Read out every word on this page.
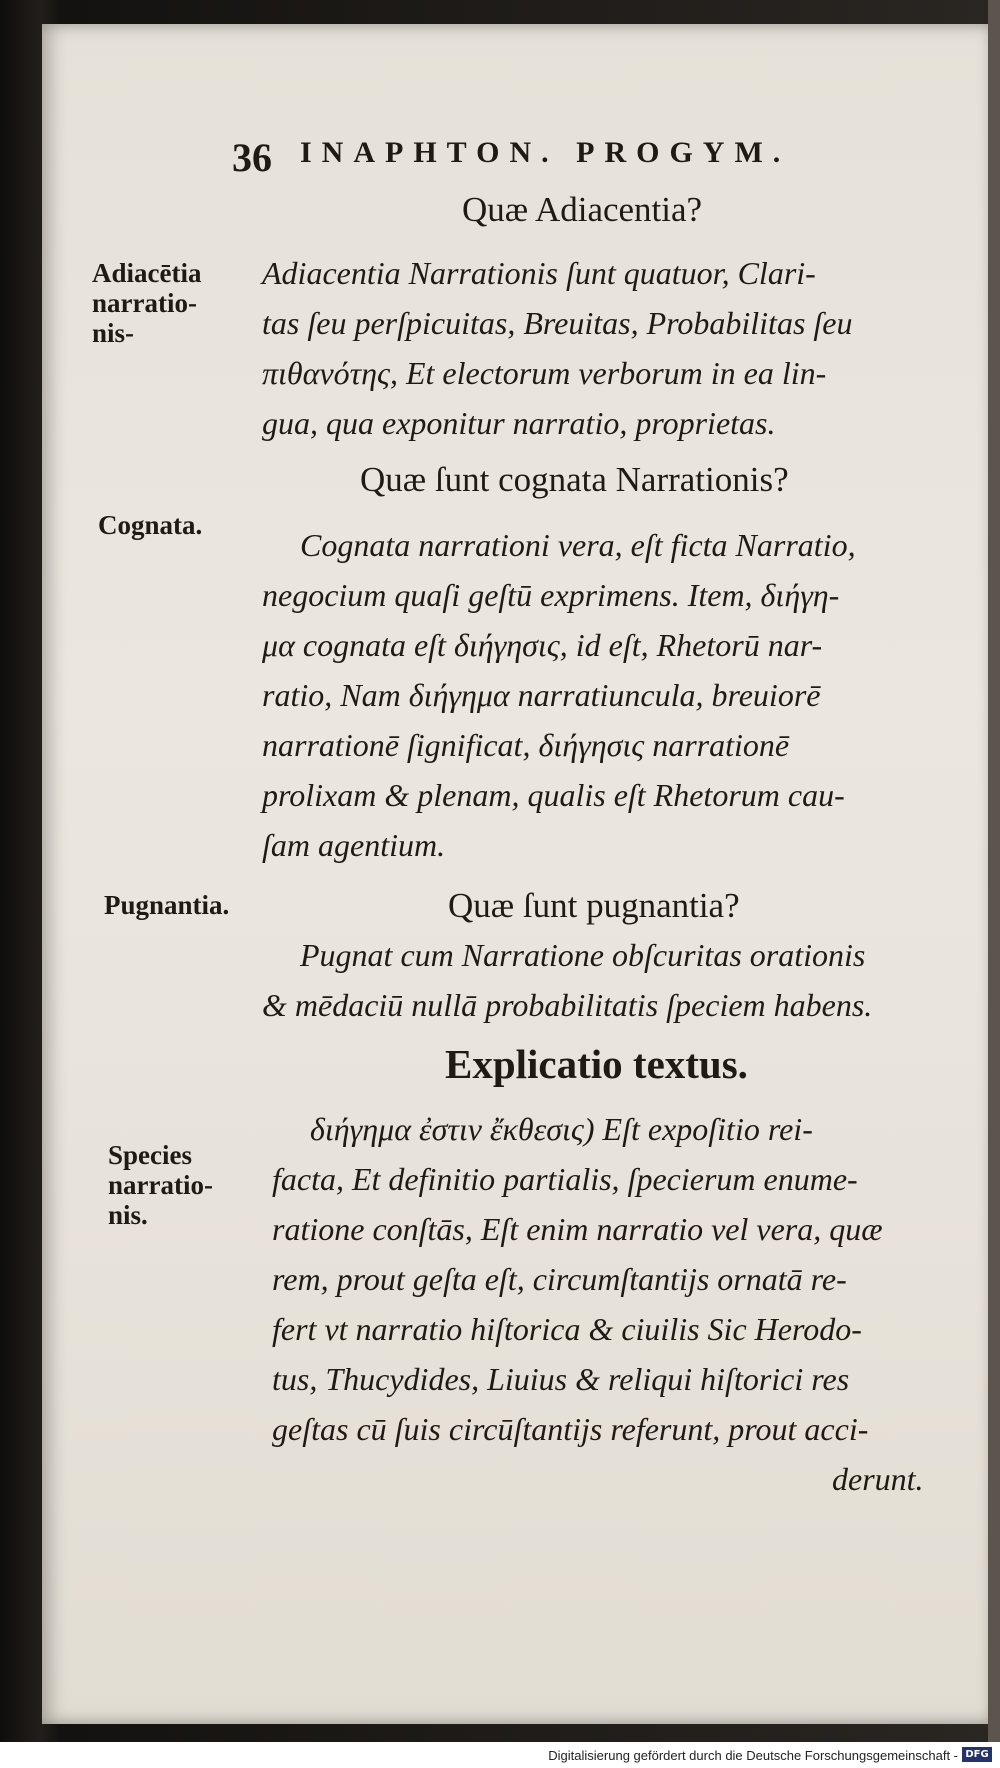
36 INAPHTON. PROGYM.
Quæ Adiacentia?
Adiacētia
narratio-
nis-
Adiacentia Narrationis ſunt quatuor, Clari-
tas ſeu perſpicuitas, Breuitas, Probabilitas ſeu
πιθανότης, Et electorum verborum in ea lin-
gua, qua exponitur narratio, proprietas.
Quæ ſunt cognata Narrationis?
Cognata.
Cognata narrationi vera, eſt ficta Narratio,
negocium quaſi geſtū exprimens. Item, διήγη-
μα cognata eſt διήγησις, id eſt, Rhetorū nar-
ratio, Nam διήγημα narratiuncula, breuiorē
narrationē ſignificat, διήγησις narrationē
prolixam & plenam, qualis eſt Rhetorum cau-
ſam agentium.
Quæ ſunt pugnantia?
Pugnantia.
Pugnat cum Narratione obſcuritas orationis
& mēdaciū nullā probabilitatis ſpeciem habens.
Explicatio textus.
Species
narratio-
nis.
διήγημα ἐστιν ἔκθεσις) Eſt expoſitio rei-
facta, Et definitio partialis, ſpecierum enume-
ratione conſtās, Eſt enim narratio vel vera, quæ
rem, prout geſta eſt, circumſtantijs ornatā re-
fert vt narratio hiſtorica & ciuilis Sic Herodo-
tus, Thucydides, Liuius & reliqui hiſtorici res
geſtas cū ſuis circūſtantijs referunt, prout acci-
derunt.
Digitalisierung gefördert durch die Deutsche Forschungsgemeinschaft - DFG
